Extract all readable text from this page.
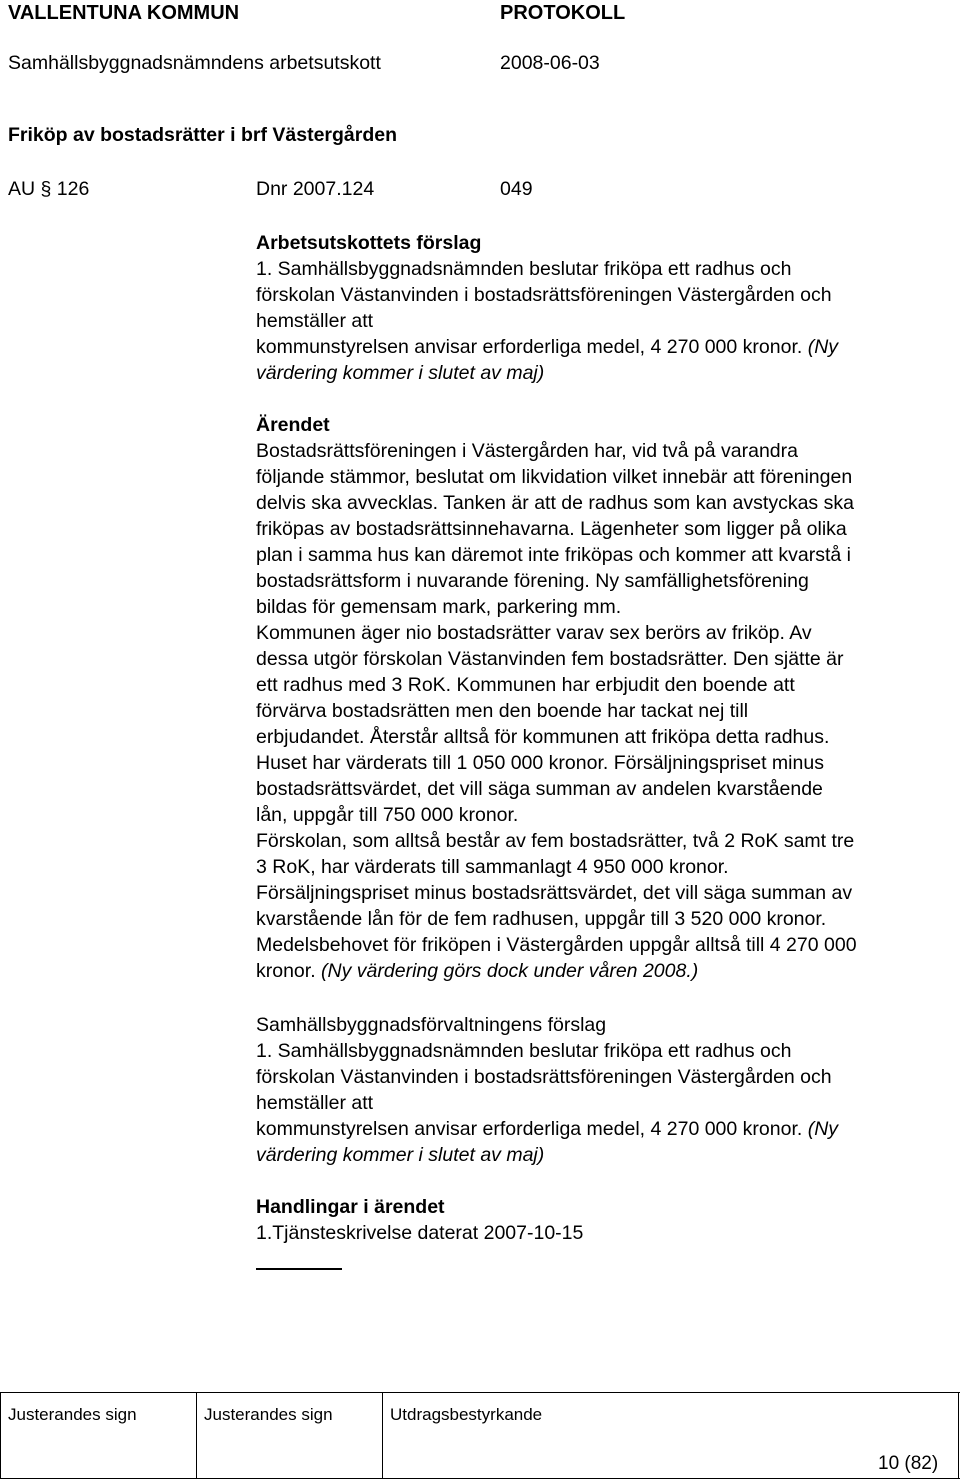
VALLENTUNA KOMMUN	PROTOKOLL
Samhällsbyggnadsnämndens arbetsutskott	2008-06-03
Friköp av bostadsrätter i brf Västergården
AU § 126	Dnr 2007.124	049
Arbetsutskottets förslag
1. Samhällsbyggnadsnämnden beslutar friköpa ett radhus och
förskolan Västanvinden i bostadsrättsföreningen Västergården och
hemställer att
kommunstyrelsen anvisar erforderliga medel, 4 270 000 kronor. (Ny
värdering kommer i slutet av maj)
Ärendet
Bostadsrättsföreningen i Västergården har, vid två på varandra
följande stämmor, beslutat om likvidation vilket innebär att föreningen
delvis ska avvecklas. Tanken är att de radhus som kan avstyckas ska
friköpas av bostadsrättsinnehavarna. Lägenheter som ligger på olika
plan i samma hus kan däremot inte friköpas och kommer att kvarstå i
bostadsrättsform i nuvarande förening. Ny samfällighetsförening
bildas för gemensam mark, parkering mm.
Kommunen äger nio bostadsrätter varav sex berörs av friköp. Av
dessa utgör förskolan Västanvinden fem bostadsrätter. Den sjätte är
ett radhus med 3 RoK. Kommunen har erbjudit den boende att
förvärva bostadsrätten men den boende har tackat nej till
erbjudandet. Återstår alltså för kommunen att friköpa detta radhus.
Huset har värderats till 1 050 000 kronor. Försäljningspriset minus
bostadsrättsvärdet, det vill säga summan av andelen kvarstående
lån, uppgår till 750 000 kronor.
Förskolan, som alltså består av fem bostadsrätter, två 2 RoK samt tre
3 RoK, har värderats till sammanlagt 4 950 000 kronor.
Försäljningspriset minus bostadsrättsvärdet, det vill säga summan av
kvarstående lån för de fem radhusen, uppgår till 3 520 000 kronor.
Medelsbehovet för friköpen i Västergården uppgår alltså till 4 270 000
kronor. (Ny värdering görs dock under våren 2008.)
Samhällsbyggnadsförvaltningens förslag
1. Samhällsbyggnadsnämnden beslutar friköpa ett radhus och
förskolan Västanvinden i bostadsrättsföreningen Västergården och
hemställer att
kommunstyrelsen anvisar erforderliga medel, 4 270 000 kronor. (Ny
värdering kommer i slutet av maj)
Handlingar i ärendet
1.Tjänsteskrivelse daterat 2007-10-15
Justerandes sign	Justerandes sign	Utdragsbestyrkande
10 (82)
